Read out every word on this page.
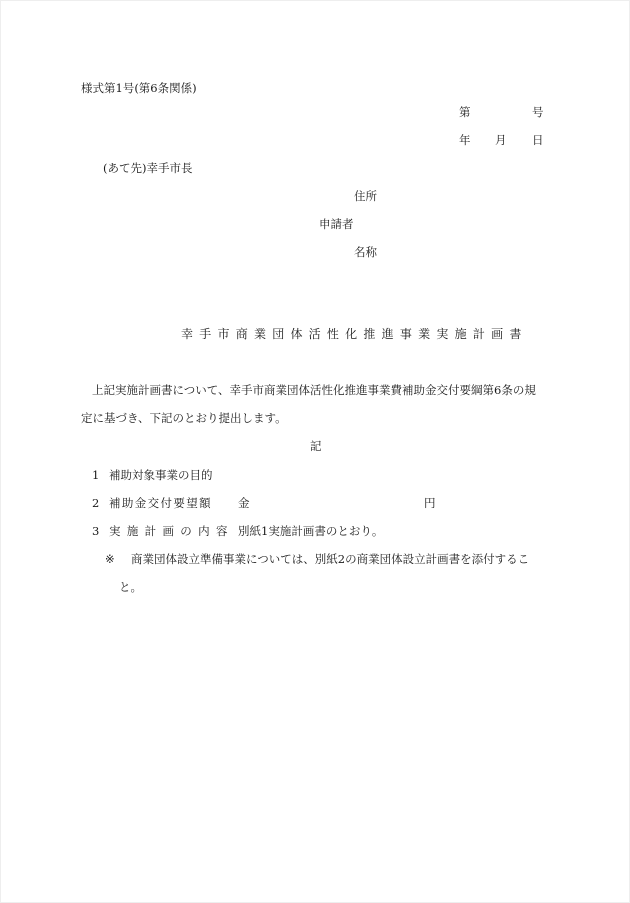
様式第1号(第6条関係)
第	号
年 月 日
(あて先)幸手市長
住所
申請者
名称
幸手市商業団体活性化推進事業実施計画書
上記実施計画書について、幸手市商業団体活性化推進事業費補助金交付要綱第6条の規
定に基づき、下記のとおり提出します。
記
1 補助対象事業の目的
2 補助金交付要望額 金	円
3 実施計画の内容 別紙1実施計画書のとおり。
※ 商業団体設立準備事業については、別紙2の商業団体設立計画書を添付するこ
と。
